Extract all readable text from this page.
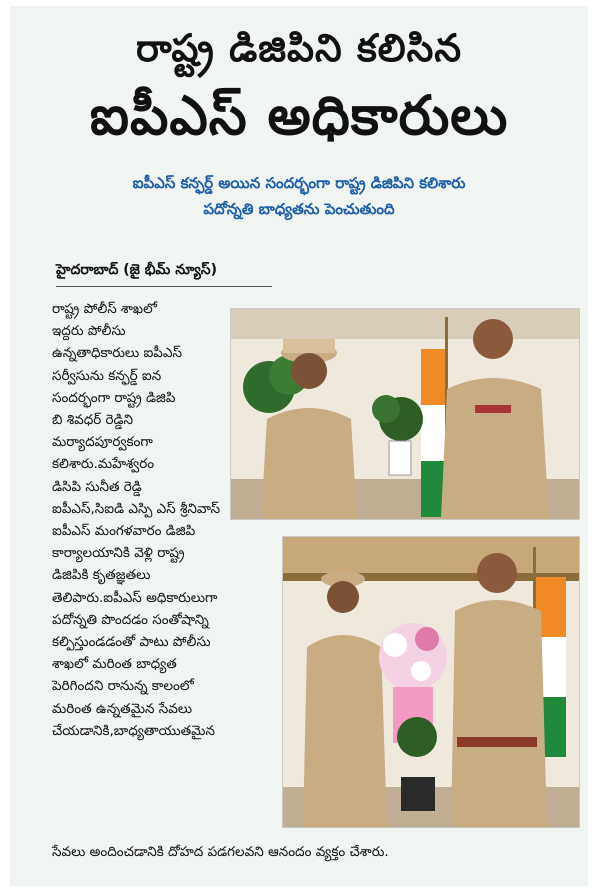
రాష్ట్ర డిజిపిని కలిసిన
ఐపీఎస్ అధికారులు
ఐపీఎస్ కన్ఫర్డ్ అయిన సందర్భంగా రాష్ట్ర డిజిపిని కలిశారు
పదోన్నతి బాధ్యతను పెంచుతుంది
హైదరాబాద్ (జై భీమ్ న్యూస్)

రాష్ట్ర పోలీస్ శాఖలో

ఇద్దరు పోలీసు

ఉన్నతాధికారులు ఐపీఎస్

సర్వీసును కన్ఫర్డ్ ఐన

సందర్భంగా రాష్ట్ర డిజిపి

బి శివధర్ రెడ్డిని

మర్యాదపూర్వకంగా

కలిశారు.మహేశ్వరం

డిసిపి సునీత రెడ్డి

ఐపీఎస్,సిఐడి ఎస్పి ఎస్ శ్రీనివాస్

ఐపీఎస్ మంగళవారం డిజిపి

కార్యాలయానికి వెళ్లి రాష్ట్ర

డిజిపికి కృతజ్ఞతలు

తెలిపారు.ఐపీఎస్ అధికారులుగా

పదోన్నతి పొందడం సంతోషాన్ని

కల్పిస్తుండడంతో పాటు పోలీసు

శాఖలో మరింత బాధ్యత

పెరిగిందని రానున్న కాలంలో

మరింత ఉన్నతమైన సేవలు

చేయడానికి,బాధ్యతాయుతమైన

సేవలు అందించడానికి దోహద పడగలవని ఆనందం వ్యక్తం చేశారు.
